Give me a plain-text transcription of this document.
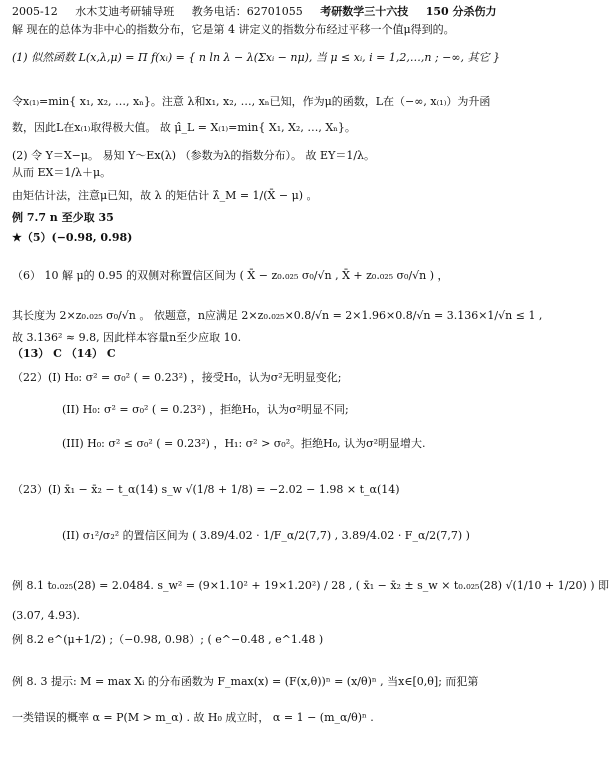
2005-12 水木艾迪考研辅导班 教务电话：62701055 考研数学三十六技 150 分杀伤力
解 现在的总体为非中心的指数分布，它是第 4 讲定义的指数分布经过平移一个值μ得到的。
(1) 似然函数 L(x,λ,μ) = Π f(xᵢ) = { n ln λ − λ(Σxᵢ − nμ), 当 μ ≤ xᵢ, i = 1,2,…,n ; −∞, 其它 }
令x₍₁₎=min{ x₁, x₂, …, xₙ}。注意 λ和x₁, x₂, …, xₙ已知，作为μ的函数，L在（−∞, x₍₁₎）为升函
数，因此L在x₍₁₎取得极大值。 故 μ̂_L = X₍₁₎=min{ X₁, X₂, …, Xₙ}。
(2) 令 Y＝X−μ。 易知 Y～Ex(λ) （参数为λ的指数分布）。 故 EY＝1/λ。
从而 EX＝1/λ＋μ。
由矩估计法，注意μ已知，故 λ 的矩估计 λ̂_M = 1/(X̄ − μ) 。
例 7.7 n 至少取 35
★（5）(−0.98, 0.98)
（6） 10 解 μ的 0.95 的双侧对称置信区间为 ( X̄ − z₀.₀₂₅ σ₀/√n , X̄ + z₀.₀₂₅ σ₀/√n ) ，
其长度为 2×z₀.₀₂₅ σ₀/√n 。 依题意，n应满足 2×z₀.₀₂₅×0.8/√n = 2×1.96×0.8/√n = 3.136×1/√n ≤ 1 ,
故 3.136² ≈ 9.8, 因此样本容量n至少应取 10.
（13） C （14） C
（22）(I) H₀: σ² = σ₀² ( = 0.23²) ，接受H₀，认为σ²无明显变化;
(II) H₀: σ² = σ₀² ( = 0.23²) ，拒绝H₀，认为σ²明显不同;
(III) H₀: σ² ≤ σ₀² ( = 0.23²) ，H₁: σ² > σ₀²。拒绝H₀, 认为σ²明显增大.
（23）(I) x̄₁ − x̄₂ − t_α(14) s_w √(1/8 + 1/8) = −2.02 − 1.98 × t_α(14)
(II) σ₁²/σ₂² 的置信区间为 ( 3.89/4.02 · 1/F_α/2(7,7) , 3.89/4.02 · F_α/2(7,7) )
例 8.1 t₀.₀₂₅(28) = 2.0484. s_w² = (9×1.10² + 19×1.20²) / 28 , ( x̄₁ − x̄₂ ± s_w × t₀.₀₂₅(28) √(1/10 + 1/20) ) 即
(3.07, 4.93).
例 8.2 e^(μ+1/2) ;（−0.98, 0.98）; ( e^−0.48 , e^1.48 )
例 8. 3 提示: M = max Xᵢ 的分布函数为 F_max(x) = (F(x,θ))ⁿ = (x/θ)ⁿ , 当x∈[0,θ]; 而犯第
一类错误的概率 α = P(M > m_α) . 故 H₀ 成立时， α = 1 − (m_α/θ)ⁿ .
